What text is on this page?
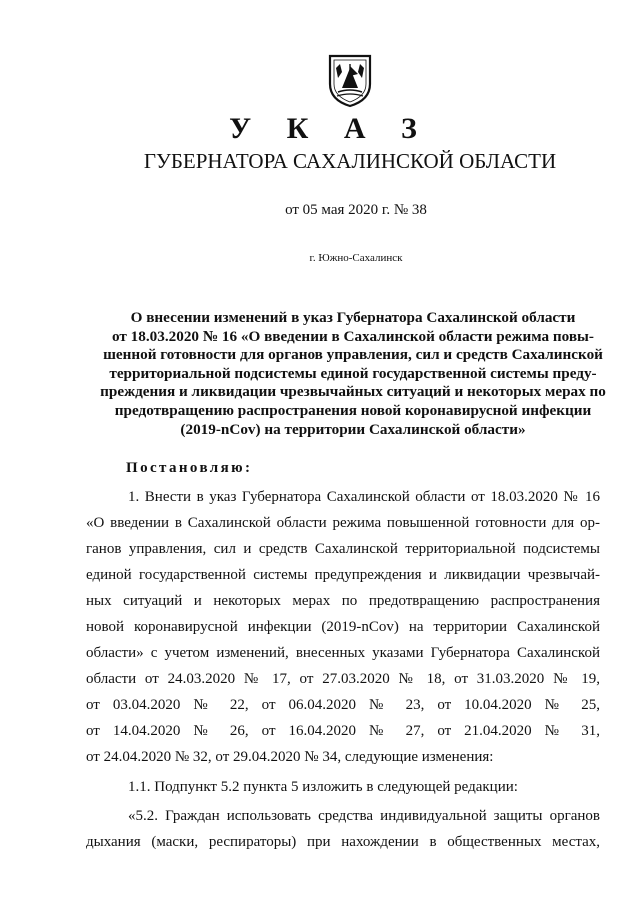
У К А З
ГУБЕРНАТОРА САХАЛИНСКОЙ ОБЛАСТИ
от 05 мая 2020 г. № 38
г. Южно-Сахалинск
О внесении изменений в указ Губернатора Сахалинской области
от 18.03.2020 № 16 «О введении в Сахалинской области режима повы-
шенной готовности для органов управления, сил и средств Сахалинской
территориальной подсистемы единой государственной системы преду-
преждения и ликвидации чрезвычайных ситуаций и некоторых мерах по
предотвращению распространения новой коронавирусной инфекции
(2019-nCov) на территории Сахалинской области»
Постановляю:
1. Внести в указ Губернатора Сахалинской области от 18.03.2020 № 16
«О введении в Сахалинской области режима повышенной готовности для ор-
ганов управления, сил и средств Сахалинской территориальной подсистемы
единой государственной системы предупреждения и ликвидации чрезвычай-
ных ситуаций и некоторых мерах по предотвращению распространения
новой коронавирусной инфекции (2019-nCov) на территории Сахалинской
области» с учетом изменений, внесенных указами Губернатора Сахалинской
области от 24.03.2020 № 17, от 27.03.2020 № 18, от 31.03.2020 № 19,
от 03.04.2020 № 22, от 06.04.2020 № 23, от 10.04.2020 № 25,
от 14.04.2020 № 26, от 16.04.2020 № 27, от 21.04.2020 № 31,
от 24.04.2020 № 32, от 29.04.2020 № 34, следующие изменения:
1.1. Подпункт 5.2 пункта 5 изложить в следующей редакции:
«5.2. Граждан использовать средства индивидуальной защиты органов
дыхания (маски, респираторы) при нахождении в общественных местах,
